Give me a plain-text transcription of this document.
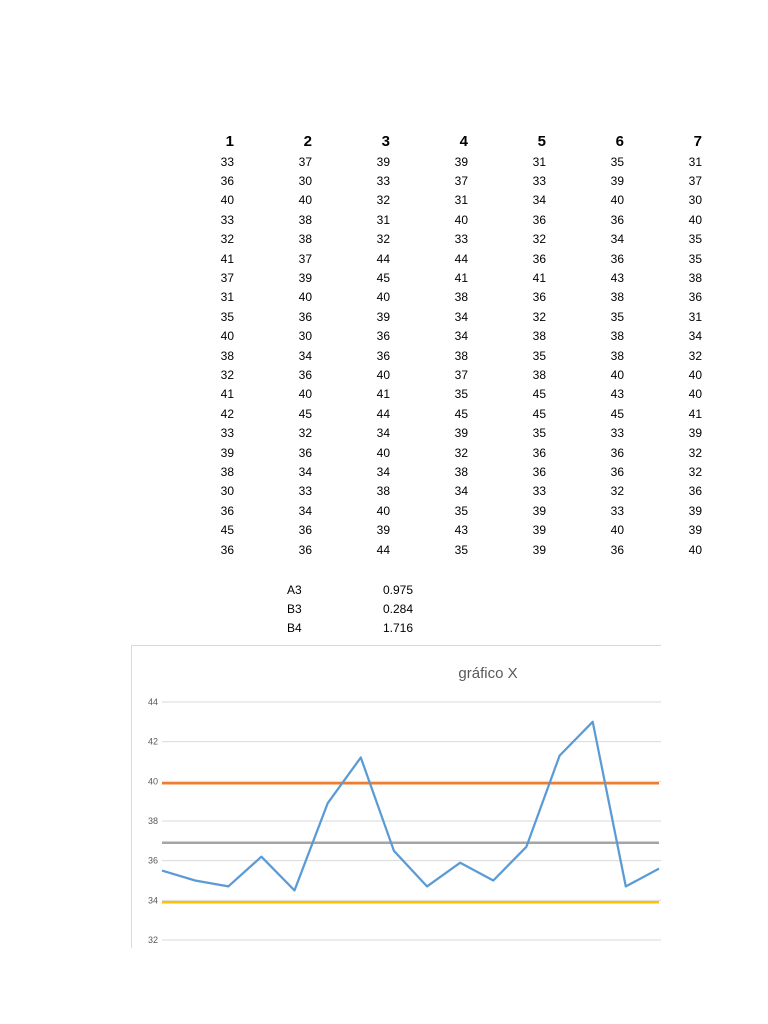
1	2	3	4	5	6	7
33	37	39	39	31	35	31
36	30	33	37	33	39	37
40	40	32	31	34	40	30
33	38	31	40	36	36	40
32	38	32	33	32	34	35
41	37	44	44	36	36	35
37	39	45	41	41	43	38
31	40	40	38	36	38	36
35	36	39	34	32	35	31
40	30	36	34	38	38	34
38	34	36	38	35	38	32
32	36	40	37	38	40	40
41	40	41	35	45	43	40
42	45	44	45	45	45	41
33	32	34	39	35	33	39
39	36	40	32	36	36	32
38	34	34	38	36	36	32
30	33	38	34	33	32	36
36	34	40	35	39	33	39
45	36	39	43	39	40	39
36	36	44	35	39	36	40
A3	0.975
B3	0.284
B4	1.716
gráfico X
32
34
36
38
40
42
44
